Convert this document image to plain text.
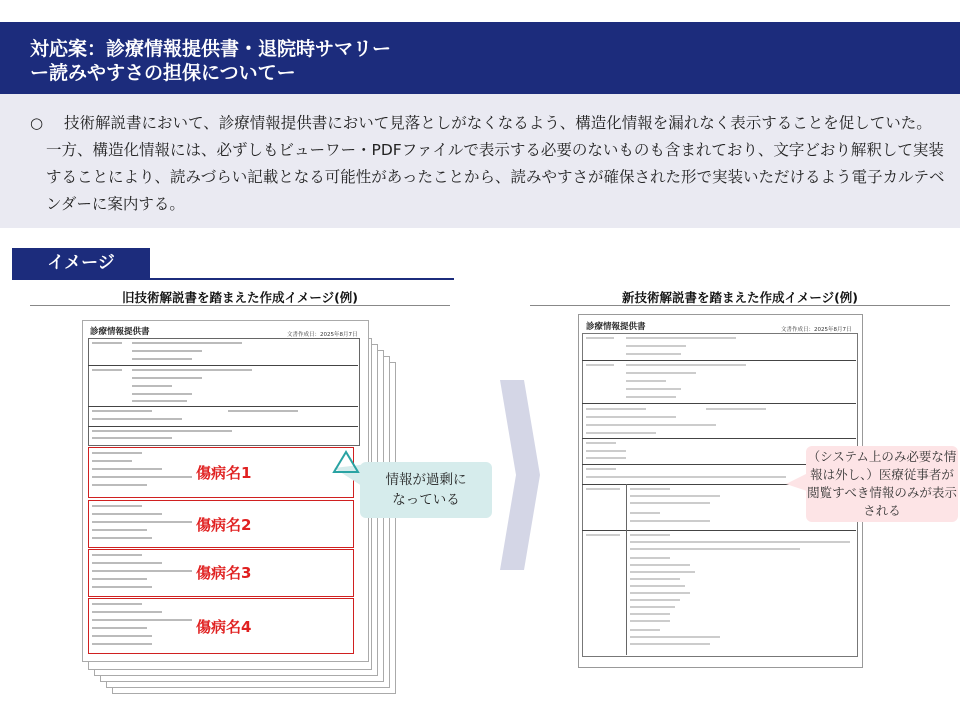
対応案：診療情報提供書・退院時サマリー
ー読みやすさの担保についてー
○	技術解説書において、診療情報提供書において見落としがなくなるよう、構造化情報を漏れなく表示することを促していた。一方、構造化情報には、必ずしもビューワー・PDFファイルで表示する必要のないものも含まれており、文字どおり解釈して実装することにより、読みづらい記載となる可能性があったことから、読みやすさが確保された形で実装いただけるよう電子カルテベンダーに案内する。
イメージ
旧技術解説書を踏まえた作成イメージ(例)	新技術解説書を踏まえた作成イメージ(例)
診療情報提供書	文書作成日：2025年8月7日
傷病名1
傷病名2
傷病名3
傷病名4
情報が過剰に
なっている
診療情報提供書	文書作成日：2025年8月7日
（システム上のみ必要な情報は外し、）医療従事者が閲覧すべき情報のみが表示される
